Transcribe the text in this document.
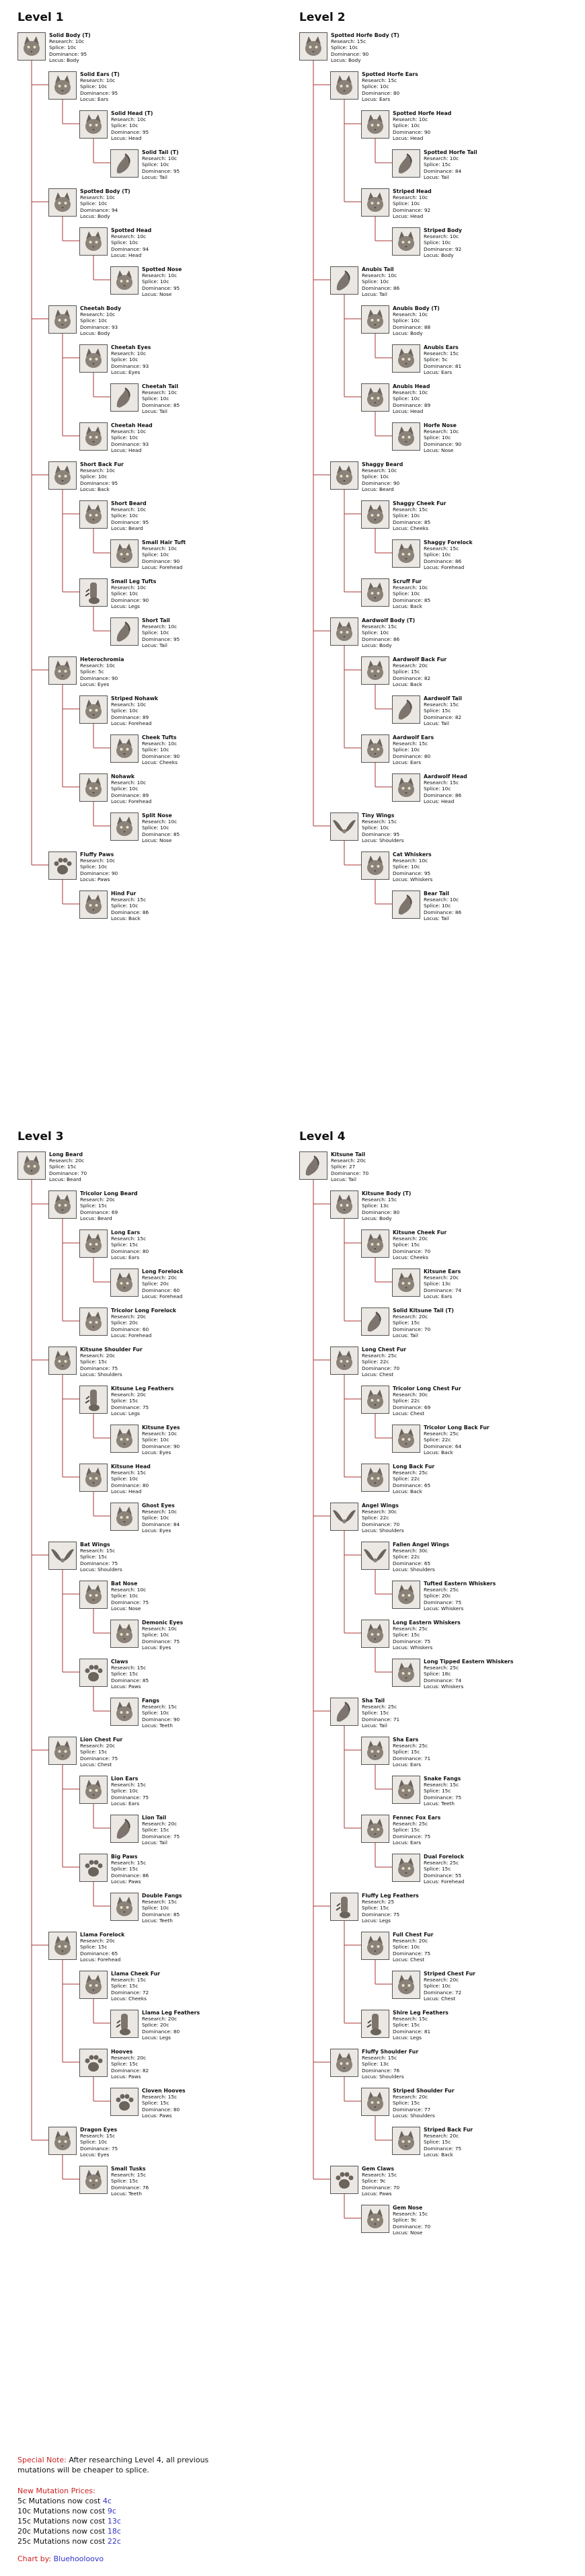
Solid Body (T)
Research: 10c
Splice: 10c
Dominance: 95
Locus: Body
Solid Ears (T)
Research: 10c
Splice: 10c
Dominance: 95
Locus: Ears
Solid Head (T)
Research: 10c
Splice: 10c
Dominance: 95
Locus: Head
Solid Tail (T)
Research: 10c
Splice: 10c
Dominance: 95
Locus: Tail
Spotted Body (T)
Research: 10c
Splice: 10c
Dominance: 94
Locus: Body
Spotted Head
Research: 10c
Splice: 10c
Dominance: 94
Locus: Head
Spotted Nose
Research: 10c
Splice: 10c
Dominance: 95
Locus: Nose
Cheetah Body
Research: 10c
Splice: 10c
Dominance: 93
Locus: Body
Cheetah Eyes
Research: 10c
Splice: 10c
Dominance: 93
Locus: Eyes
Cheetah Tail
Research: 10c
Splice: 10c
Dominance: 85
Locus: Tail
Cheetah Head
Research: 10c
Splice: 10c
Dominance: 93
Locus: Head
Short Back Fur
Research: 10c
Splice: 10c
Dominance: 95
Locus: Back
Short Beard
Research: 10c
Splice: 10c
Dominance: 95
Locus: Beard
Small Hair Tuft
Research: 10c
Splice: 10c
Dominance: 90
Locus: Forehead
Small Leg Tufts
Research: 10c
Splice: 10c
Dominance: 90
Locus: Legs
Short Tail
Research: 10c
Splice: 10c
Dominance: 95
Locus: Tail
Heterochromia
Research: 10c
Splice: 5c
Dominance: 90
Locus: Eyes
Striped Nohawk
Research: 10c
Splice: 10c
Dominance: 89
Locus: Forehead
Cheek Tufts
Research: 10c
Splice: 10c
Dominance: 90
Locus: Cheeks
Nohawk
Research: 10c
Splice: 10c
Dominance: 89
Locus: Forehead
Split Nose
Research: 10c
Splice: 10c
Dominance: 85
Locus: Nose
Fluffy Paws
Research: 10c
Splice: 10c
Dominance: 90
Locus: Paws
Hind Fur
Research: 15c
Splice: 10c
Dominance: 86
Locus: Back
Spotted Horfe Body (T)
Research: 15c
Splice: 10c
Dominance: 90
Locus: Body
Spotted Horfe Ears
Research: 15c
Splice: 10c
Dominance: 80
Locus: Ears
Spotted Horfe Head
Research: 10c
Splice: 10c
Dominance: 90
Locus: Head
Spotted Horfe Tail
Research: 10c
Splice: 15c
Dominance: 84
Locus: Tail
Striped Head
Research: 10c
Splice: 10c
Dominance: 92
Locus: Head
Striped Body
Research: 10c
Splice: 10c
Dominance: 92
Locus: Body
Anubis Tail
Research: 10c
Splice: 10c
Dominance: 86
Locus: Tail
Anubis Body (T)
Research: 10c
Splice: 10c
Dominance: 88
Locus: Body
Anubis Ears
Research: 15c
Splice: 5c
Dominance: 81
Locus: Ears
Anubis Head
Research: 10c
Splice: 10c
Dominance: 89
Locus: Head
Horfe Nose
Research: 10c
Splice: 10c
Dominance: 90
Locus: Nose
Shaggy Beard
Research: 10c
Splice: 10c
Dominance: 90
Locus: Beard
Shaggy Cheek Fur
Research: 15c
Splice: 10c
Dominance: 85
Locus: Cheeks
Shaggy Forelock
Research: 15c
Splice: 10c
Dominance: 86
Locus: Forehead
Scruff Fur
Research: 10c
Splice: 10c
Dominance: 85
Locus: Back
Aardwolf Body (T)
Research: 15c
Splice: 10c
Dominance: 86
Locus: Body
Aardwolf Back Fur
Research: 20c
Splice: 15c
Dominance: 82
Locus: Back
Aardwolf Tail
Research: 15c
Splice: 15c
Dominance: 82
Locus: Tail
Aardwolf Ears
Research: 15c
Splice: 10c
Dominance: 80
Locus: Ears
Aardwolf Head
Research: 15c
Splice: 10c
Dominance: 86
Locus: Head
Tiny Wings
Research: 15c
Splice: 10c
Dominance: 95
Locus: Shoulders
Cat Whiskers
Research: 10c
Splice: 10c
Dominance: 95
Locus: Whiskers
Bear Tail
Research: 10c
Splice: 10c
Dominance: 86
Locus: Tail
Long Beard
Research: 20c
Splice: 15c
Dominance: 70
Locus: Beard
Tricolor Long Beard
Research: 20c
Splice: 15c
Dominance: 69
Locus: Beard
Long Ears
Research: 15c
Splice: 15c
Dominance: 80
Locus: Ears
Long Forelock
Research: 20c
Splice: 20c
Dominance: 60
Locus: Forehead
Tricolor Long Forelock
Research: 20c
Splice: 20c
Dominance: 60
Locus: Forehead
Kitsune Shoulder Fur
Research: 20c
Splice: 15c
Dominance: 75
Locus: Shoulders
Kitsune Leg Feathers
Research: 20c
Splice: 15c
Dominance: 75
Locus: Legs
Kitsune Eyes
Research: 10c
Splice: 10c
Dominance: 90
Locus: Eyes
Kitsune Head
Research: 15c
Splice: 10c
Dominance: 80
Locus: Head
Ghost Eyes
Research: 10c
Splice: 10c
Dominance: 84
Locus: Eyes
Bat Wings
Research: 15c
Splice: 15c
Dominance: 75
Locus: Shoulders
Bat Nose
Research: 10c
Splice: 10c
Dominance: 75
Locus: Nose
Demonic Eyes
Research: 10c
Splice: 10c
Dominance: 75
Locus: Eyes
Claws
Research: 15c
Splice: 15c
Dominance: 85
Locus: Paws
Fangs
Research: 15c
Splice: 10c
Dominance: 90
Locus: Teeth
Lion Chest Fur
Research: 20c
Splice: 15c
Dominance: 75
Locus: Chest
Lion Ears
Research: 15c
Splice: 10c
Dominance: 75
Locus: Ears
Lion Tail
Research: 20c
Splice: 15c
Dominance: 75
Locus: Tail
Big Paws
Research: 15c
Splice: 15c
Dominance: 86
Locus: Paws
Double Fangs
Research: 15c
Splice: 10c
Dominance: 85
Locus: Teeth
Llama Forelock
Research: 20c
Splice: 15c
Dominance: 65
Locus: Forehead
Llama Cheek Fur
Research: 15c
Splice: 15c
Dominance: 72
Locus: Cheeks
Llama Leg Feathers
Research: 20c
Splice: 20c
Dominance: 80
Locus: Legs
Hooves
Research: 20c
Splice: 15c
Dominance: 82
Locus: Paws
Cloven Hooves
Research: 15c
Splice: 15c
Dominance: 80
Locus: Paws
Dragon Eyes
Research: 15c
Splice: 10c
Dominance: 75
Locus: Eyes
Small Tusks
Research: 15c
Splice: 15c
Dominance: 76
Locus: Teeth
Kitsune Tail
Research: 20c
Splice: 27
Dominance: 70
Locus: Tail
Kitsune Body (T)
Research: 15c
Splice: 13c
Dominance: 80
Locus: Body
Kitsune Cheek Fur
Research: 20c
Splice: 15c
Dominance: 70
Locus: Cheeks
Kitsune Ears
Research: 20c
Splice: 13c
Dominance: 74
Locus: Ears
Solid Kitsune Tail (T)
Research: 20c
Splice: 15c
Dominance: 70
Locus: Tail
Long Chest Fur
Research: 25c
Splice: 22c
Dominance: 70
Locus: Chest
Tricolor Long Chest Fur
Research: 30c
Splice: 22c
Dominance: 69
Locus: Chest
Tricolor Long Back Fur
Research: 25c
Splice: 22c
Dominance: 64
Locus: Back
Long Back Fur
Research: 25c
Splice: 22c
Dominance: 65
Locus: Back
Angel Wings
Research: 30c
Splice: 22c
Dominance: 70
Locus: Shoulders
Fallen Angel Wings
Research: 30c
Splice: 22c
Dominance: 65
Locus: Shoulders
Tufted Eastern Whiskers
Research: 25c
Splice: 20c
Dominance: 75
Locus: Whiskers
Long Eastern Whiskers
Research: 25c
Splice: 15c
Dominance: 75
Locus: Whiskers
Long Tipped Eastern Whiskers
Research: 25c
Splice: 18c
Dominance: 74
Locus: Whiskers
Sha Tail
Research: 25c
Splice: 15c
Dominance: 71
Locus: Tail
Sha Ears
Research: 25c
Splice: 15c
Dominance: 71
Locus: Ears
Snake Fangs
Research: 15c
Splice: 15c
Dominance: 75
Locus: Teeth
Fennec Fox Ears
Research: 25c
Splice: 15c
Dominance: 75
Locus: Ears
Dual Forelock
Research: 25c
Splice: 15c
Dominance: 55
Locus: Forehead
Fluffy Leg Feathers
Research: 25
Splice: 15c
Dominance: 75
Locus: Legs
Full Chest Fur
Research: 20c
Splice: 10c
Dominance: 75
Locus: Chest
Striped Chest Fur
Research: 20c
Splice: 10c
Dominance: 72
Locus: Chest
Shire Leg Feathers
Research: 15c
Splice: 15c
Dominance: 81
Locus: Legs
Fluffy Shoulder Fur
Research: 15c
Splice: 13c
Dominance: 76
Locus: Shoulders
Striped Shoulder Fur
Research: 20c
Splice: 15c
Dominance: 77
Locus: Shoulders
Striped Back Fur
Research: 20c
Splice: 15c
Dominance: 75
Locus: Back
Gem Claws
Research: 15c
Splice: 9c
Dominance: 70
Locus: Paws
Gem Nose
Research: 15c
Splice: 9c
Dominance: 70
Locus: Nose
Level 1	Level 2
Level 3	Level 4
Special Note: After researching Level 4, all previous
mutations will be cheaper to splice.
New Mutation Prices:
5c Mutations now cost 4c
10c Mutations now cost 9c
15c Mutations now cost 13c
20c Mutations now cost 18c
25c Mutations now cost 22c
Chart by: Bluehooloovo
